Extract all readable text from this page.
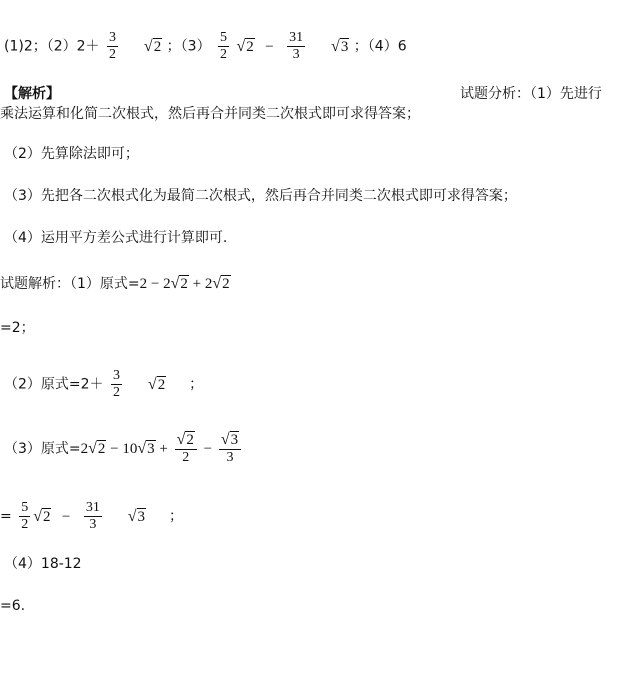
(1)2；$(2)2+ \frac{3}{2} √2$ ；$(3) \frac{5}{2} √2 - \frac{31}{3} √3$ ；（4）6
【解析】	试题分析：（1）先进行
乘法运算和化简二次根式，然后再合并同类二次根式即可求得答案；
（2）先算除法即可；
（3）先把各二次根式化为最简二次根式，然后再合并同类二次根式即可求得答案；
（4）运用平方差公式进行计算即可.
试题解析：（1）原式=2 − 2√2 + 2√2
=2；
（2）原式$=2+ \frac{3}{2} √2$ ；
（3）原式$=2√2 - 10√3 + \frac{√2}{2} - \frac{√3}{3}$
= $\frac{5}{2} √2 - \frac{31}{3} √3$ ；
（4）18-12
=6.
